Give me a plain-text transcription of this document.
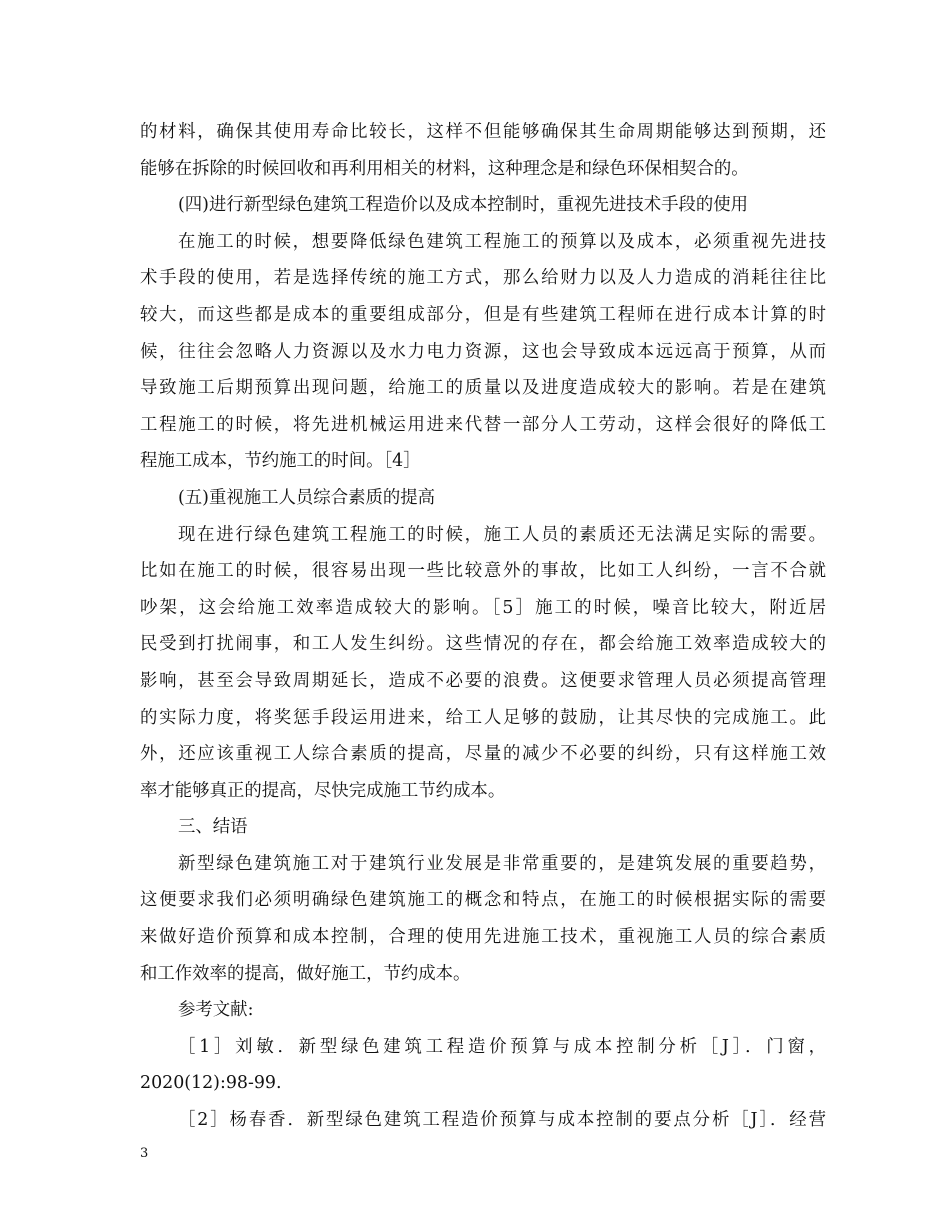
的材料，确保其使用寿命比较长，这样不但能够确保其生命周期能够达到预期，还
能够在拆除的时候回收和再利用相关的材料，这种理念是和绿色环保相契合的。
(四)进行新型绿色建筑工程造价以及成本控制时，重视先进技术手段的使用
在施工的时候，想要降低绿色建筑工程施工的预算以及成本，必须重视先进技
术手段的使用，若是选择传统的施工方式，那么给财力以及人力造成的消耗往往比
较大，而这些都是成本的重要组成部分，但是有些建筑工程师在进行成本计算的时
候，往往会忽略人力资源以及水力电力资源，这也会导致成本远远高于预算，从而
导致施工后期预算出现问题，给施工的质量以及进度造成较大的影响。若是在建筑
工程施工的时候，将先进机械运用进来代替一部分人工劳动，这样会很好的降低工
程施工成本，节约施工的时间。［4］
(五)重视施工人员综合素质的提高
现在进行绿色建筑工程施工的时候，施工人员的素质还无法满足实际的需要。
比如在施工的时候，很容易出现一些比较意外的事故，比如工人纠纷，一言不合就
吵架，这会给施工效率造成较大的影响。［5］施工的时候，噪音比较大，附近居
民受到打扰闹事，和工人发生纠纷。这些情况的存在，都会给施工效率造成较大的
影响，甚至会导致周期延长，造成不必要的浪费。这便要求管理人员必须提高管理
的实际力度，将奖惩手段运用进来，给工人足够的鼓励，让其尽快的完成施工。此
外，还应该重视工人综合素质的提高，尽量的减少不必要的纠纷，只有这样施工效
率才能够真正的提高，尽快完成施工节约成本。
三、结语
新型绿色建筑施工对于建筑行业发展是非常重要的，是建筑发展的重要趋势，
这便要求我们必须明确绿色建筑施工的概念和特点，在施工的时候根据实际的需要
来做好造价预算和成本控制，合理的使用先进施工技术，重视施工人员的综合素质
和工作效率的提高，做好施工，节约成本。
参考文献:
［1］刘敏．新型绿色建筑工程造价预算与成本控制分析［J］．门窗，
2020(12):98-99.
［2］杨春香．新型绿色建筑工程造价预算与成本控制的要点分析［J］．经营
3
